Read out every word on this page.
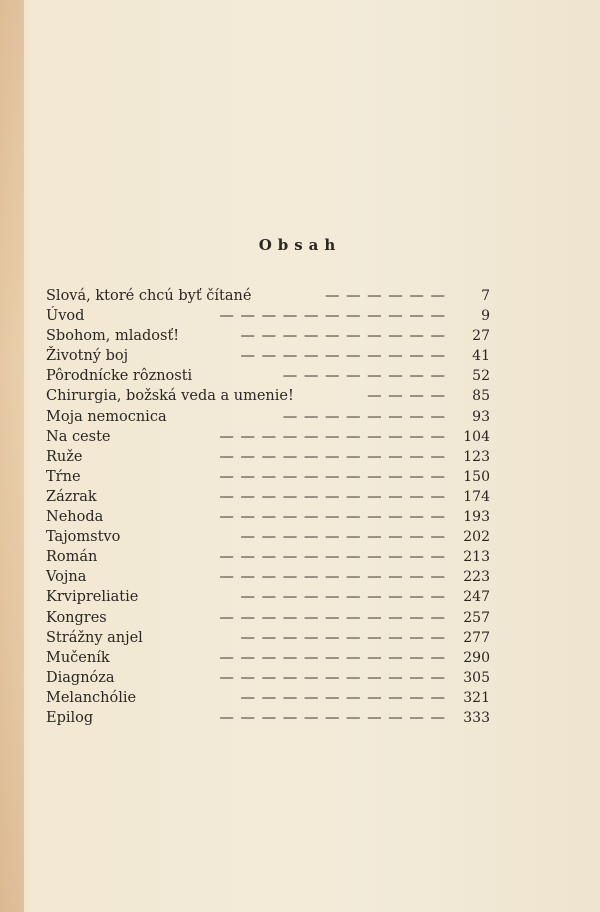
Obsah
Slová, ktoré chcú byť čítané	— — — — — —	7
Úvod	— — — — — — — — — — —	9
Sbohom, mladosť!	— — — — — — — — — — 27
Životný boj	— — — — — — — — — — 41
Pôrodnícke rôznosti	— — — — — — — — 52
Chirurgia, božská veda a umenie!	— — — — 85
Moja nemocnica	— — — — — — — — 93
Na ceste	— — — — — — — — — — — 104
Ruže	— — — — — — — — — — — 123
Tŕne	— — — — — — — — — — — 150
Zázrak	— — — — — — — — — — — 174
Nehoda	— — — — — — — — — — — 193
Tajomstvo	— — — — — — — — — — 202
Román	— — — — — — — — — — — 213
Vojna	— — — — — — — — — — — 223
Krvipreliatie	— — — — — — — — — — 247
Kongres	— — — — — — — — — — — 257
Strážny anjel	— — — — — — — — — — 277
Mučeník	— — — — — — — — — — — 290
Diagnóza	— — — — — — — — — — — 305
Melanchólie	— — — — — — — — — — 321
Epilog	— — — — — — — — — — — 333
